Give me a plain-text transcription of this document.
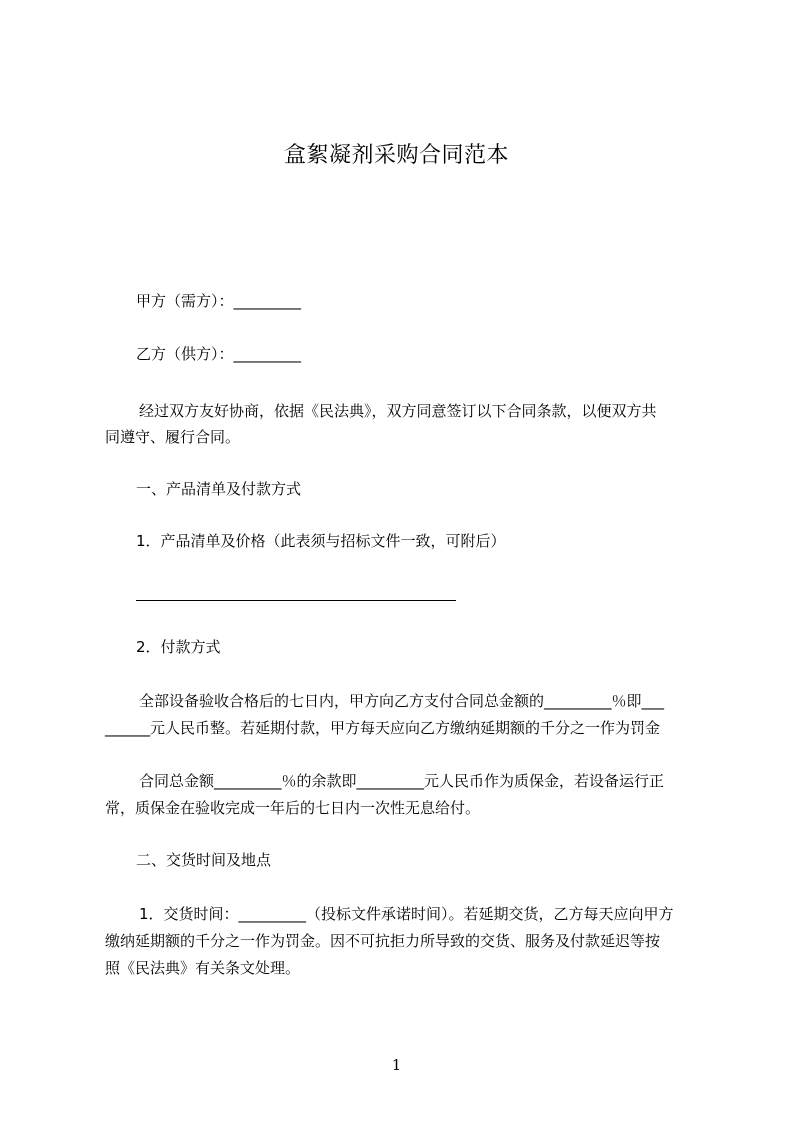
盒絮凝剂采购合同范本
甲方（需方）：_________
乙方（供方）：_________
经过双方友好协商，依据《民法典》，双方同意签订以下合同条款，以便双方共
同遵守、履行合同。
一、产品清单及付款方式
1．产品清单及价格（此表须与招标文件一致，可附后）
2．付款方式
全部设备验收合格后的七日内，甲方向乙方支付合同总金额的_________％即___
______元人民币整。若延期付款，甲方每天应向乙方缴纳延期额的千分之一作为罚金
合同总金额_________％的余款即_________元人民币作为质保金，若设备运行正
常，质保金在验收完成一年后的七日内一次性无息给付。
二、交货时间及地点
1．交货时间：_________（投标文件承诺时间）。若延期交货，乙方每天应向甲方
缴纳延期额的千分之一作为罚金。因不可抗拒力所导致的交货、服务及付款延迟等按
照《民法典》有关条文处理。
1
